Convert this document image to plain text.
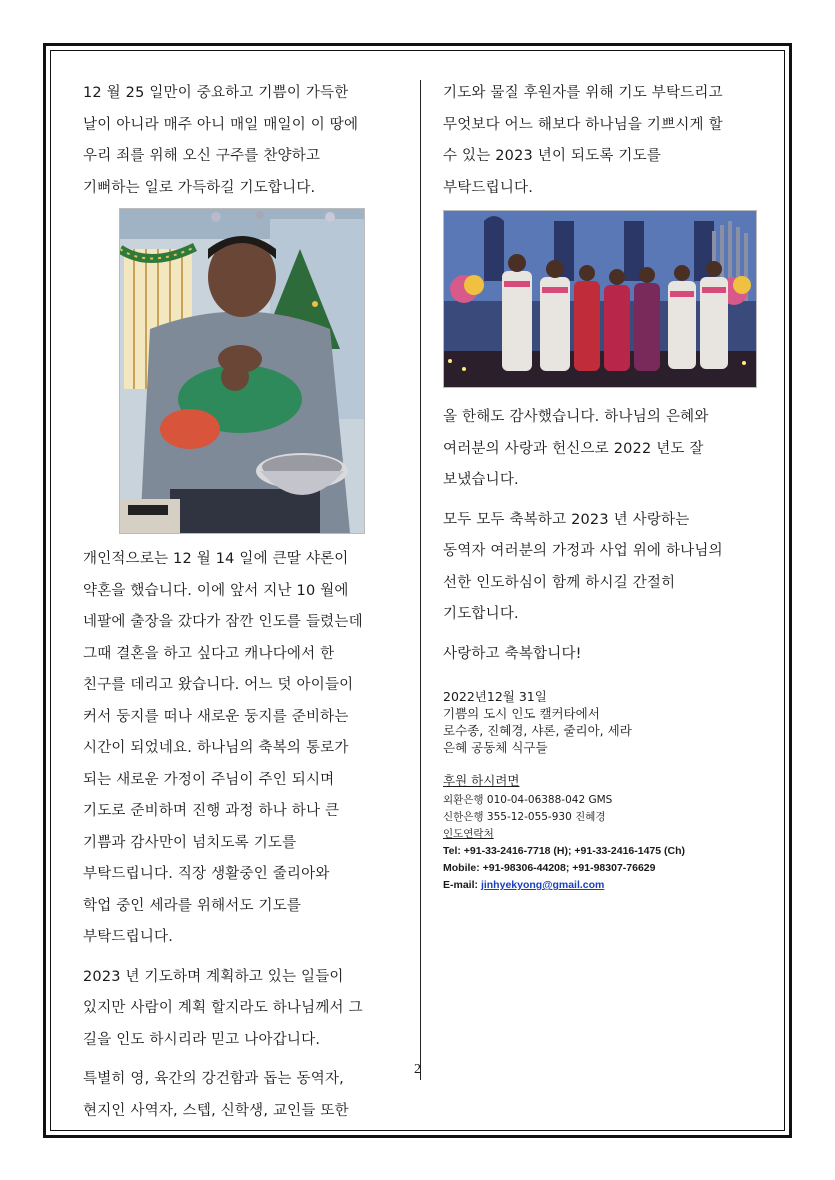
12 월 25 일만이 중요하고 기쁨이 가득한
날이 아니라 매주 아니 매일 매일이 이 땅에
우리 죄를 위해 오신 구주를 찬양하고
기뻐하는 일로 가득하길 기도합니다.

개인적으로는 12 월 14 일에 큰딸 샤론이
약혼을 했습니다. 이에 앞서 지난 10 월에
네팔에 출장을 갔다가 잠깐 인도를 들렸는데
그때 결혼을 하고 싶다고 캐나다에서 한
친구를 데리고 왔습니다. 어느 덧 아이들이
커서 둥지를 떠나 새로운 둥지를 준비하는
시간이 되었네요. 하나님의 축복의 통로가
되는 새로운 가정이 주님이 주인 되시며
기도로 준비하며 진행 과정 하나 하나 큰
기쁨과 감사만이 넘치도록 기도를
부탁드립니다. 직장 생활중인 줄리아와
학업 중인 세라를 위해서도 기도를
부탁드립니다.

2023 년 기도하며 계획하고 있는 일들이
있지만 사람이 계획 할지라도 하나님께서 그
길을 인도 하시리라 믿고 나아갑니다.

특별히 영, 육간의 강건함과 돕는 동역자,
현지인 사역자, 스텝, 신학생, 교인들 또한

기도와 물질 후원자를 위해 기도 부탁드리고
무엇보다 어느 해보다 하나님을 기쁘시게 할
수 있는 2023 년이 되도록 기도를
부탁드립니다.

올 한해도 감사했습니다. 하나님의 은혜와
여러분의 사랑과 헌신으로 2022 년도 잘
보냈습니다.

모두 모두 축복하고 2023 년 사랑하는
동역자 여러분의 가정과 사업 위에 하나님의
선한 인도하심이 함께 하시길 간절히
기도합니다.

사랑하고 축복합니다!

2022년12월 31일

기쁨의 도시 인도 캘커타에서

로수종, 진혜경, 샤론, 줄리아, 세라

은혜 공동체 식구들

후원 하시려면

외환은행 010-04-06388-042 GMS

신한은행 355-12-055-930 진혜경

인도연락처

Tel: +91-33-2416-7718 (H); +91-33-2416-1475 (Ch)

Mobile: +91-98306-44208; +91-98307-76629

E-mail: jinhyekyong@gmail.com

2
